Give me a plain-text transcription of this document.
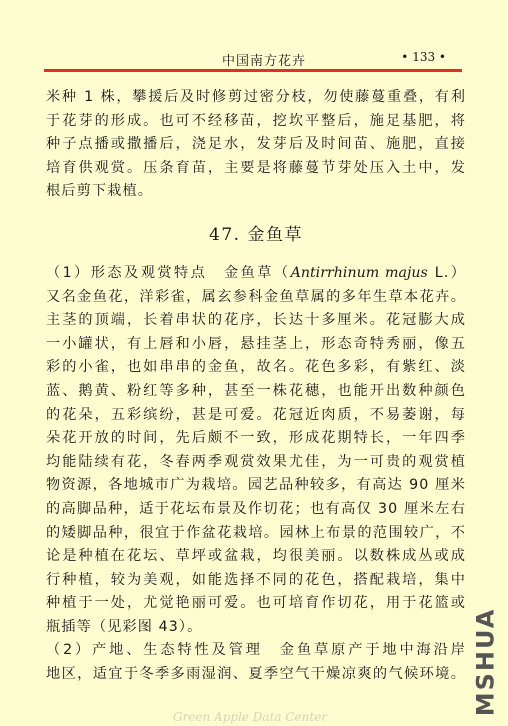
中国南方花卉	• 133 •

米种 1 株，攀援后及时修剪过密分枝，勿使藤蔓重叠，有利
于花芽的形成。也可不经移苗，挖坎平整后，施足基肥，将
种子点播或撒播后，浇足水，发芽后及时间苗、施肥，直接
培育供观赏。压条育苗，主要是将藤蔓节芽处压入土中，发
根后剪下栽植。

47. 金鱼草

（1）形态及观赏特点　金鱼草（Antirrhinum majus L.）
又名金鱼花，洋彩雀，属玄参科金鱼草属的多年生草本花卉。
主茎的顶端，长着串状的花序，长达十多厘米。花冠膨大成
一小罐状，有上唇和小唇，悬挂茎上，形态奇特秀丽，像五
彩的小雀，也如串串的金鱼，故名。花色多彩，有紫红、淡
蓝、鹅黄、粉红等多种，甚至一株花穗，也能开出数种颜色
的花朵，五彩缤纷，甚是可爱。花冠近肉质，不易萎谢，每
朵花开放的时间，先后颇不一致，形成花期特长，一年四季
均能陆续有花，冬春两季观赏效果尤佳，为一可贵的观赏植
物资源，各地城市广为栽培。园艺品种较多，有高达 90 厘米
的高脚品种，适于花坛布景及作切花；也有高仅 30 厘米左右
的矮脚品种，很宜于作盆花栽培。园林上布景的范围较广，不
论是种植在花坛、草坪或盆栽，均很美丽。以数株成丛或成
行种植，较为美观，如能选择不同的花色，搭配栽培，集中
种植于一处，尤觉艳丽可爱。也可培育作切花，用于花篮或
瓶插等（见彩图 43）。

（2）产地、生态特性及管理　金鱼草原产于地中海沿岸
地区，适宜于冬季多雨湿润、夏季空气干燥凉爽的气候环境。 MSHUA
Green Apple Data Center
